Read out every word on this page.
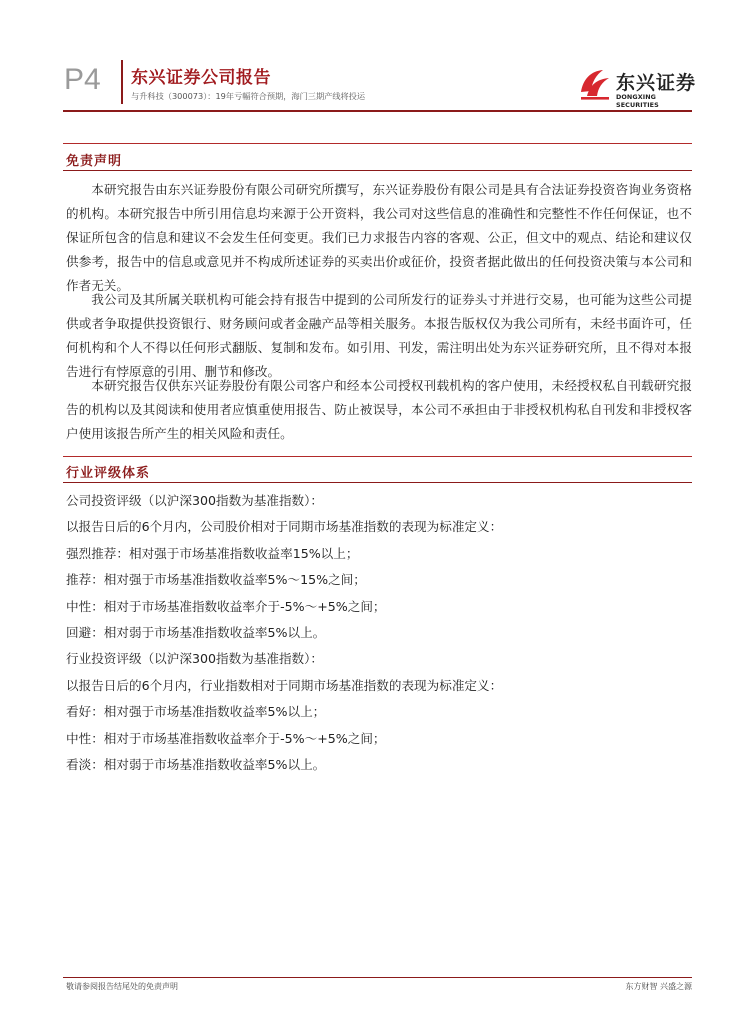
P4 东兴证券公司报告
与升科技（300073）：19年亏幅符合预期，海门三期产线将投运
东兴证券
DONGXING SECURITIES
免责声明

本研究报告由东兴证券股份有限公司研究所撰写，东兴证券股份有限公司是具有合法证券投资咨询业务资格的机构。本研究报告中所引用信息均来源于公开资料，我公司对这些信息的准确性和完整性不作任何保证，也不保证所包含的信息和建议不会发生任何变更。我们已力求报告内容的客观、公正，但文中的观点、结论和建议仅供参考，报告中的信息或意见并不构成所述证券的买卖出价或征价，投资者据此做出的任何投资决策与本公司和作者无关。

我公司及其所属关联机构可能会持有报告中提到的公司所发行的证券头寸并进行交易，也可能为这些公司提供或者争取提供投资银行、财务顾问或者金融产品等相关服务。本报告版权仅为我公司所有，未经书面许可，任何机构和个人不得以任何形式翻版、复制和发布。如引用、刊发，需注明出处为东兴证券研究所，且不得对本报告进行有悖原意的引用、删节和修改。

本研究报告仅供东兴证券股份有限公司客户和经本公司授权刊载机构的客户使用，未经授权私自刊载研究报告的机构以及其阅读和使用者应慎重使用报告、防止被误导，本公司不承担由于非授权机构私自刊发和非授权客户使用该报告所产生的相关风险和责任。

行业评级体系
公司投资评级（以沪深300指数为基准指数）：
以报告日后的6个月内，公司股价相对于同期市场基准指数的表现为标准定义：
强烈推荐：相对强于市场基准指数收益率15%以上；
推荐：相对强于市场基准指数收益率5%～15%之间；
中性：相对于市场基准指数收益率介于-5%～+5%之间；
回避：相对弱于市场基准指数收益率5%以上。
行业投资评级（以沪深300指数为基准指数）：
以报告日后的6个月内，行业指数相对于同期市场基准指数的表现为标准定义：
看好：相对强于市场基准指数收益率5%以上；
中性：相对于市场基准指数收益率介于-5%～+5%之间；
看淡：相对弱于市场基准指数收益率5%以上。
敬请参阅报告结尾处的免责声明	东方财智 兴盛之源
